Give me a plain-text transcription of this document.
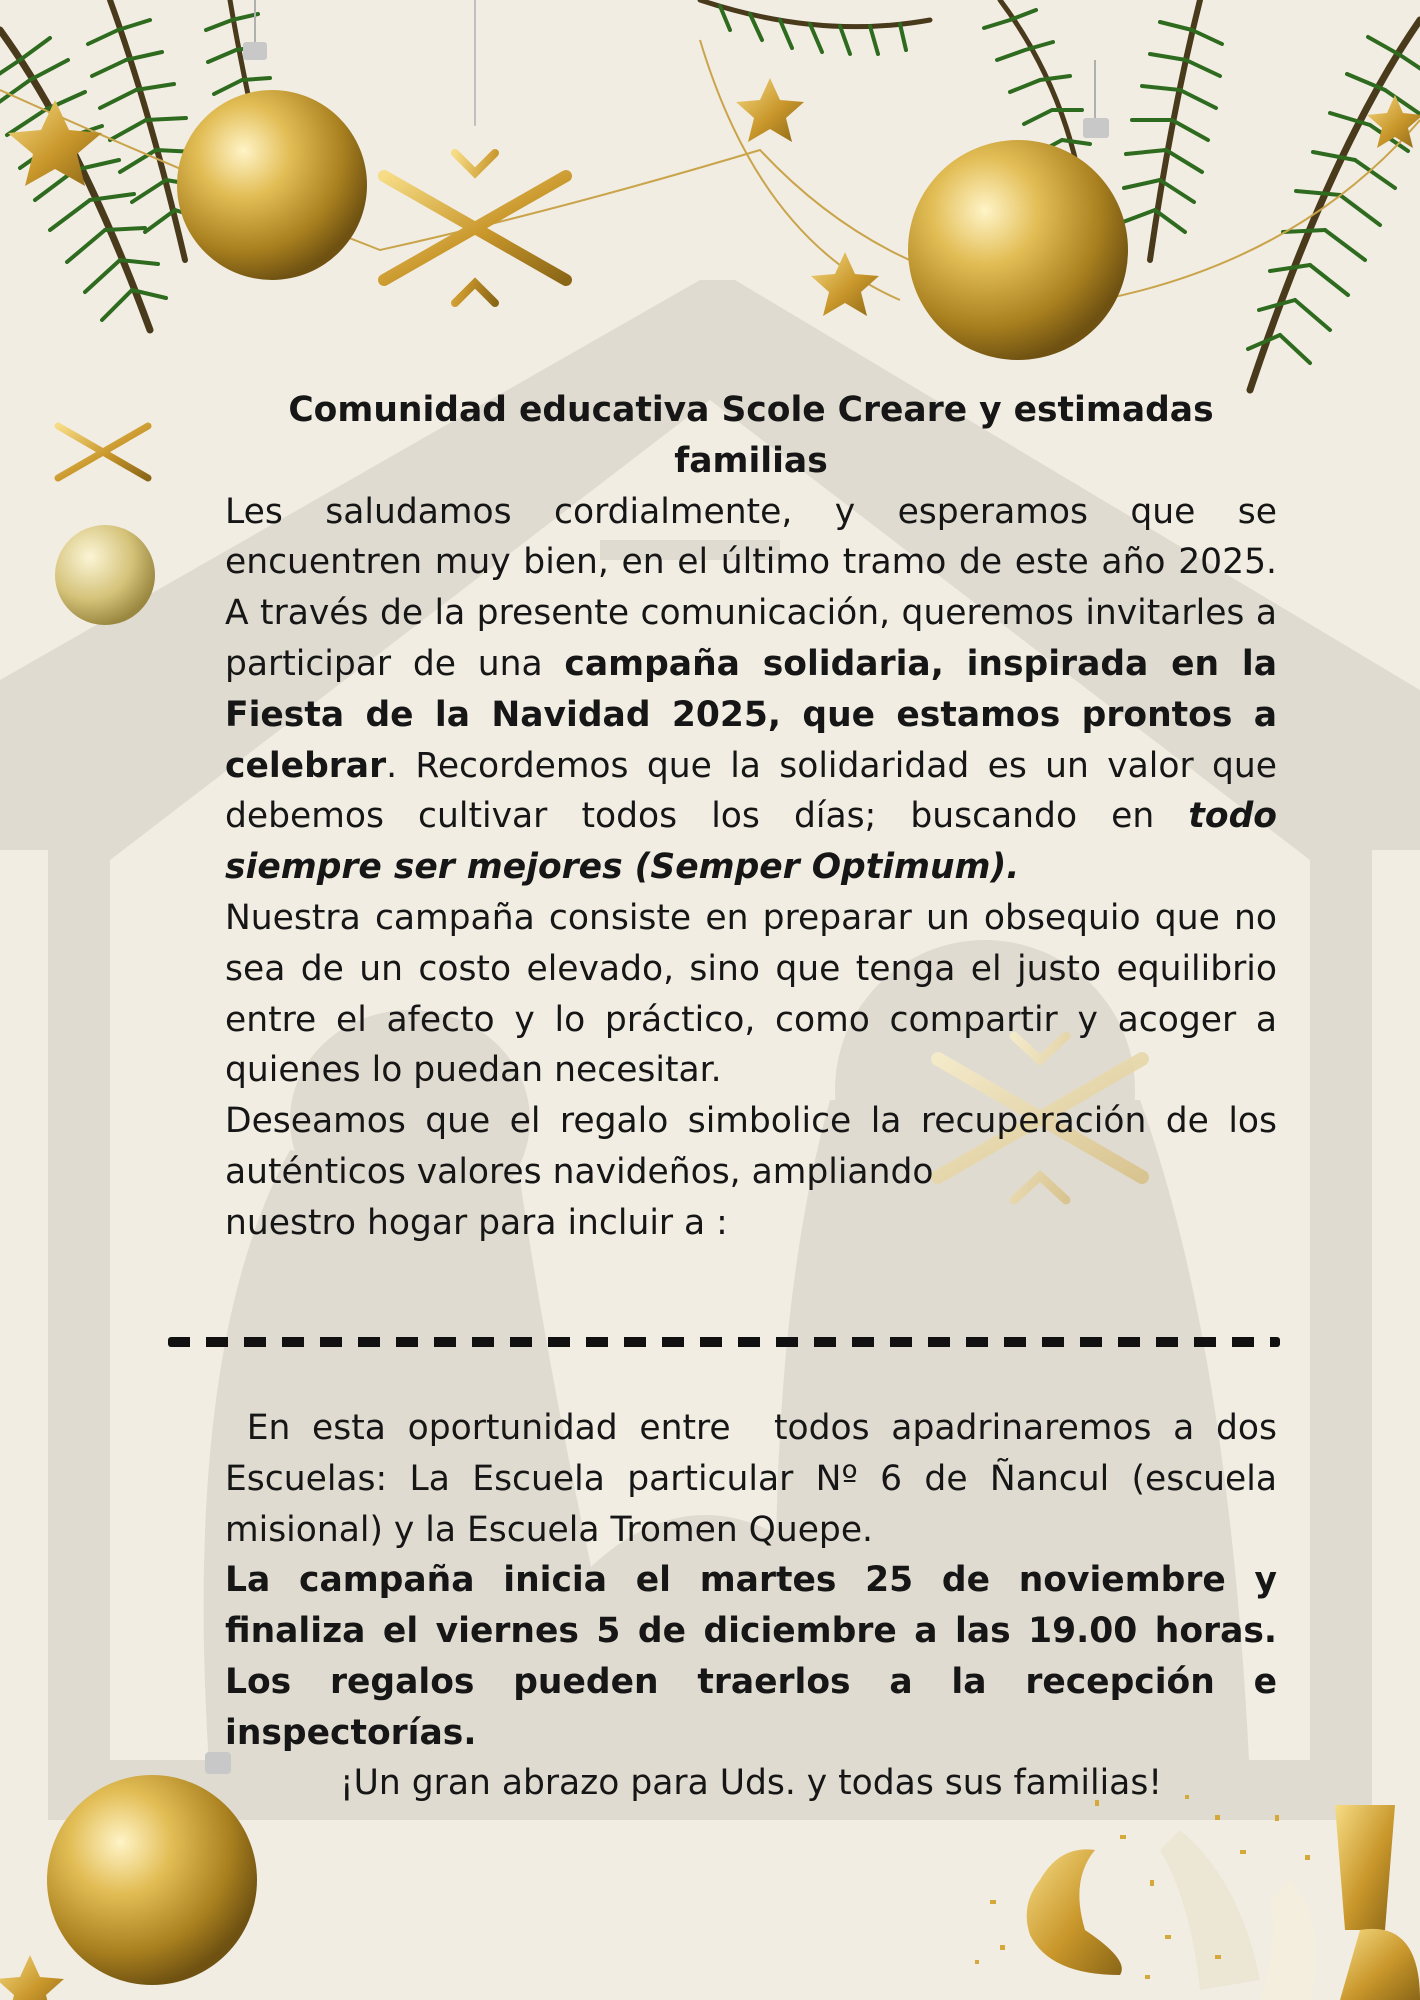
Comunidad educativa Scole Creare y estimadas familias

Les saludamos cordialmente, y esperamos que se encuentren muy bien, en el último tramo de este año 2025. A través de la presente comunicación, queremos invitarles a participar de una campaña solidaria, inspirada en la Fiesta de la Navidad 2025, que estamos prontos a celebrar. Recordemos que la solidaridad es un valor que debemos cultivar todos los días; buscando en todo siempre ser mejores (Semper Optimum).

Nuestra campaña consiste en preparar un obsequio que no sea de un costo elevado, sino que tenga el justo equilibrio entre el afecto y lo práctico, como compartir y acoger a quienes lo puedan necesitar.

Deseamos que el regalo simbolice la recuperación de los auténticos valores navideños, ampliando
nuestro hogar para incluir a :

En esta oportunidad entre  todos apadrinaremos a dos Escuelas: La Escuela particular Nº 6 de Ñancul (escuela misional) y la Escuela Tromen Quepe.

La campaña inicia el martes 25 de noviembre y finaliza el viernes 5 de diciembre a las 19.00 horas. Los regalos pueden traerlos a la recepción e inspectorías.

¡Un gran abrazo para Uds. y todas sus familias!
